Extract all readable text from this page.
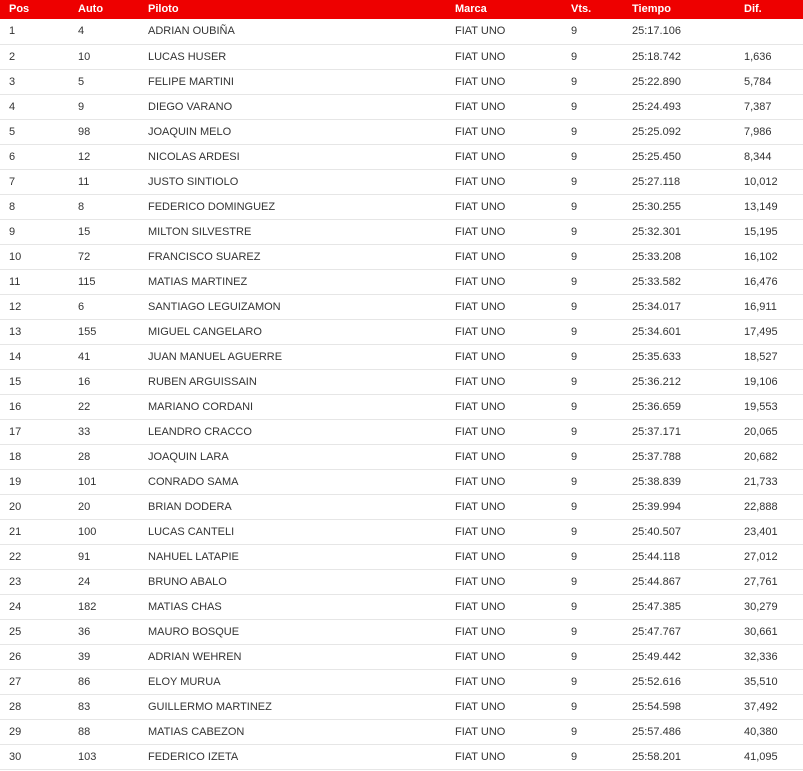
Pos	Auto	Piloto	Marca	Vts.	Tiempo	Dif.
1	4	ADRIAN OUBIÑA	FIAT UNO	9	25:17.106	
2	10	LUCAS HUSER	FIAT UNO	9	25:18.742	1,636
3	5	FELIPE MARTINI	FIAT UNO	9	25:22.890	5,784
4	9	DIEGO VARANO	FIAT UNO	9	25:24.493	7,387
5	98	JOAQUIN MELO	FIAT UNO	9	25:25.092	7,986
6	12	NICOLAS ARDESI	FIAT UNO	9	25:25.450	8,344
7	11	JUSTO SINTIOLO	FIAT UNO	9	25:27.118	10,012
8	8	FEDERICO DOMINGUEZ	FIAT UNO	9	25:30.255	13,149
9	15	MILTON SILVESTRE	FIAT UNO	9	25:32.301	15,195
10	72	FRANCISCO SUAREZ	FIAT UNO	9	25:33.208	16,102
11	115	MATIAS MARTINEZ	FIAT UNO	9	25:33.582	16,476
12	6	SANTIAGO LEGUIZAMON	FIAT UNO	9	25:34.017	16,911
13	155	MIGUEL CANGELARO	FIAT UNO	9	25:34.601	17,495
14	41	JUAN MANUEL AGUERRE	FIAT UNO	9	25:35.633	18,527
15	16	RUBEN ARGUISSAIN	FIAT UNO	9	25:36.212	19,106
16	22	MARIANO CORDANI	FIAT UNO	9	25:36.659	19,553
17	33	LEANDRO CRACCO	FIAT UNO	9	25:37.171	20,065
18	28	JOAQUIN LARA	FIAT UNO	9	25:37.788	20,682
19	101	CONRADO SAMA	FIAT UNO	9	25:38.839	21,733
20	20	BRIAN DODERA	FIAT UNO	9	25:39.994	22,888
21	100	LUCAS CANTELI	FIAT UNO	9	25:40.507	23,401
22	91	NAHUEL LATAPIE	FIAT UNO	9	25:44.118	27,012
23	24	BRUNO ABALO	FIAT UNO	9	25:44.867	27,761
24	182	MATIAS CHAS	FIAT UNO	9	25:47.385	30,279
25	36	MAURO BOSQUE	FIAT UNO	9	25:47.767	30,661
26	39	ADRIAN WEHREN	FIAT UNO	9	25:49.442	32,336
27	86	ELOY MURUA	FIAT UNO	9	25:52.616	35,510
28	83	GUILLERMO MARTINEZ	FIAT UNO	9	25:54.598	37,492
29	88	MATIAS CABEZON	FIAT UNO	9	25:57.486	40,380
30	103	FEDERICO IZETA	FIAT UNO	9	25:58.201	41,095
